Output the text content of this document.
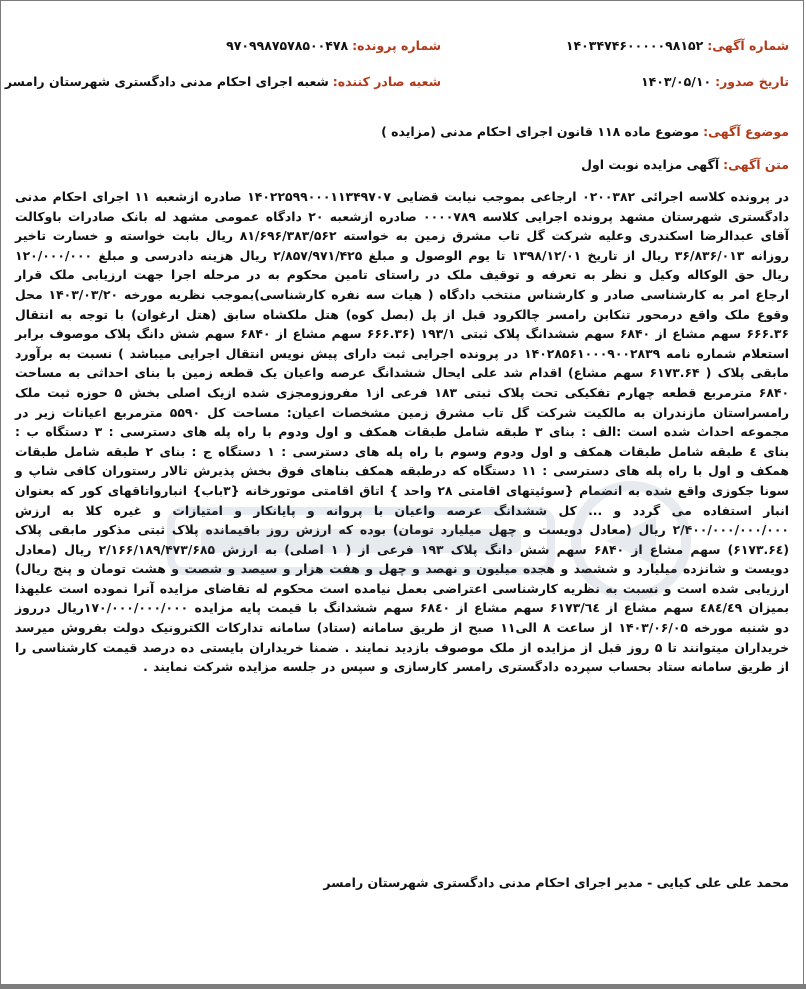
شماره آگهی: ۱۴۰۳۴۷۴۶۰۰۰۰۰۹۸۱۵۲
شماره پرونده: ۹۷۰۹۹۸۷۵۷۸۵۰۰۴۷۸
تاریخ صدور: ۱۴۰۳/۰۵/۱۰
شعبه صادر کننده: شعبه اجرای احکام مدنی دادگستری شهرستان رامسر
موضوع آگهی: موضوع ماده ۱۱۸ قانون اجرای احکام مدنی (مزایده )
متن آگهی: آگهی مزایده نوبت اول
در پرونده کلاسه اجرائی ۰۲۰۰۳۸۲ ارجاعی بموجب نیابت قضایی ۱۴۰۲۲۵۹۹۰۰۰۱۱۳۴۹۷۰۷ صادره ازشعبه ۱۱ اجرای احکام مدنی دادگستری شهرستان مشهد پرونده اجرایی کلاسه ۰۰۰۰۷۸۹ صادره ازشعبه ۲۰ دادگاه عمومی مشهد له بانک صادرات باوکالت آقای عبدالرضا اسکندری وعلیه شرکت گل تاب مشرق زمین به خواسته ۸۱/۶۹۶/۳۸۳/۵۶۲ ریال بابت خواسته و خسارت تاخیر روزانه ۳۶/۸۳۶/۰۱۳ ریال از تاریخ ۱۳۹۸/۱۲/۰۱ تا یوم الوصول و مبلغ ۲/۸۵۷/۹۷۱/۴۲۵ ریال هزینه دادرسی و مبلغ ۱۲۰/۰۰۰/۰۰۰ ریال حق الوکاله وکیل و نظر به تعرفه و توقیف ملک در راستای تامین محکوم به در مرحله اجرا جهت ارزیابی ملک قرار ارجاع امر به کارشناسی صادر و کارشناس منتخب دادگاه ( هیات سه نفره کارشناسی)بموجب نظریه مورخه ۱۴۰۳/۰۳/۲۰ محل وقوع ملک واقع درمحور تنکابن رامسر چالکرود قبل از پل (بصل کوه) هتل ملکشاه سابق (هتل ارغوان) با توجه به انتقال ۶۶۶.۳۶ سهم مشاع از ۶۸۴۰ سهم ششدانگ پلاک ثبتی ۱۹۳/۱ (۶۶۶.۳۶ سهم مشاع از ۶۸۴۰ سهم شش دانگ پلاک موصوف برابر استعلام شماره نامه ۱۴۰۲۸۵۶۱۰۰۰۹۰۰۲۸۳۹ در پرونده اجرایی ثبت دارای پیش نویس انتقال اجرایی میباشد ) نسبت به برآورد مابقی پلاک ( ۶۱۷۳.۶۴ سهم مشاع) اقدام شد علی ایحال ششدانگ عرصه واعیان یک قطعه زمین با بنای احداثی به مساحت ۶۸۴۰ مترمربع قطعه چهارم تفکیکی تحت پلاک ثبتی ۱۸۳ فرعی از۱ مفروزومجزی شده ازیک اصلی بخش ۵ حوزه ثبت ملک رامسراستان مازندران به مالکیت شرکت گل تاب مشرق زمین مشخصات اعیان: مساحت کل ۵۵۹۰ مترمربع اعیانات زیر در مجموعه احداث شده است :الف : بنای ۳ طبقه شامل طبقات همکف و اول ودوم با راه پله های دسترسی : ۳ دستگاه ب : بنای ٤ طبقه شامل طبقات همکف و اول ودوم وسوم با راه پله های دسترسی : ۱ دستگاه ج : بنای ۲ طبقه شامل طبقات همکف و اول با راه پله های دسترسی : ۱۱ دستگاه که درطبقه همکف بناهای فوق بخش پذیرش تالار رستوران کافی شاپ و سونا جکوزی واقع شده به انضمام {سوئیتهای اقامتی ۲۸ واحد } اتاق اقامتی موتورخانه {۳باب} انبارواتاقهای کور که بعنوان انبار استفاده می گردد و ... کل ششدانگ عرصه واعیان با پروانه و پایانکار و امتیازات و غیره کلا به ارزش ۲/۴۰۰/۰۰۰/۰۰۰/۰۰۰ ریال (معادل دویست و چهل میلیارد تومان) بوده که ارزش روز باقیمانده پلاک ثبتی مذکور مابقی پلاک (۶۱۷۳.۶٤) سهم مشاع از ۶۸۴۰ سهم شش دانگ پلاک ۱۹۳ فرعی از ( ۱ اصلی) به ارزش ۲/۱۶۶/۱۸۹/۴۷۳/۶۸۵ ریال (معادل دویست و شانزده میلیارد و ششصد و هجده میلیون و نهصد و چهل و هفت هزار و سیصد و شصت و هشت تومان و پنج ریال) ارزیابی شده است و نسبت به نظریه کارشناسی اعتراضی بعمل نیامده است محکوم له تقاضای مزایده آنرا نموده است علیهذا بمیزان ٤۸٤/٤۹ سهم مشاع از ۶۱۷۳/٦٤ سهم مشاع از ۶۸٤۰ سهم ششدانگ با قیمت پایه مزایده ۱۷۰/۰۰۰/۰۰۰/۰۰۰ریال درروز دو شنبه مورخه ۱۴۰۳/۰۶/۰۵ از ساعت ۸ الی۱۱ صبح از طریق سامانه (ستاد) سامانه تدارکات الکترونیک دولت بفروش میرسد خریداران میتوانند تا ۵ روز قبل از مزایده از ملک موصوف بازدید نمایند . ضمنا خریداران بایستی ده درصد قیمت کارشناسی را از طریق سامانه ستاد بحساب سپرده دادگستری رامسر کارسازی و سپس در جلسه مزایده شرکت نمایند .
محمد علی علی کیایی - مدیر اجرای احکام مدنی دادگستری شهرستان رامسر
